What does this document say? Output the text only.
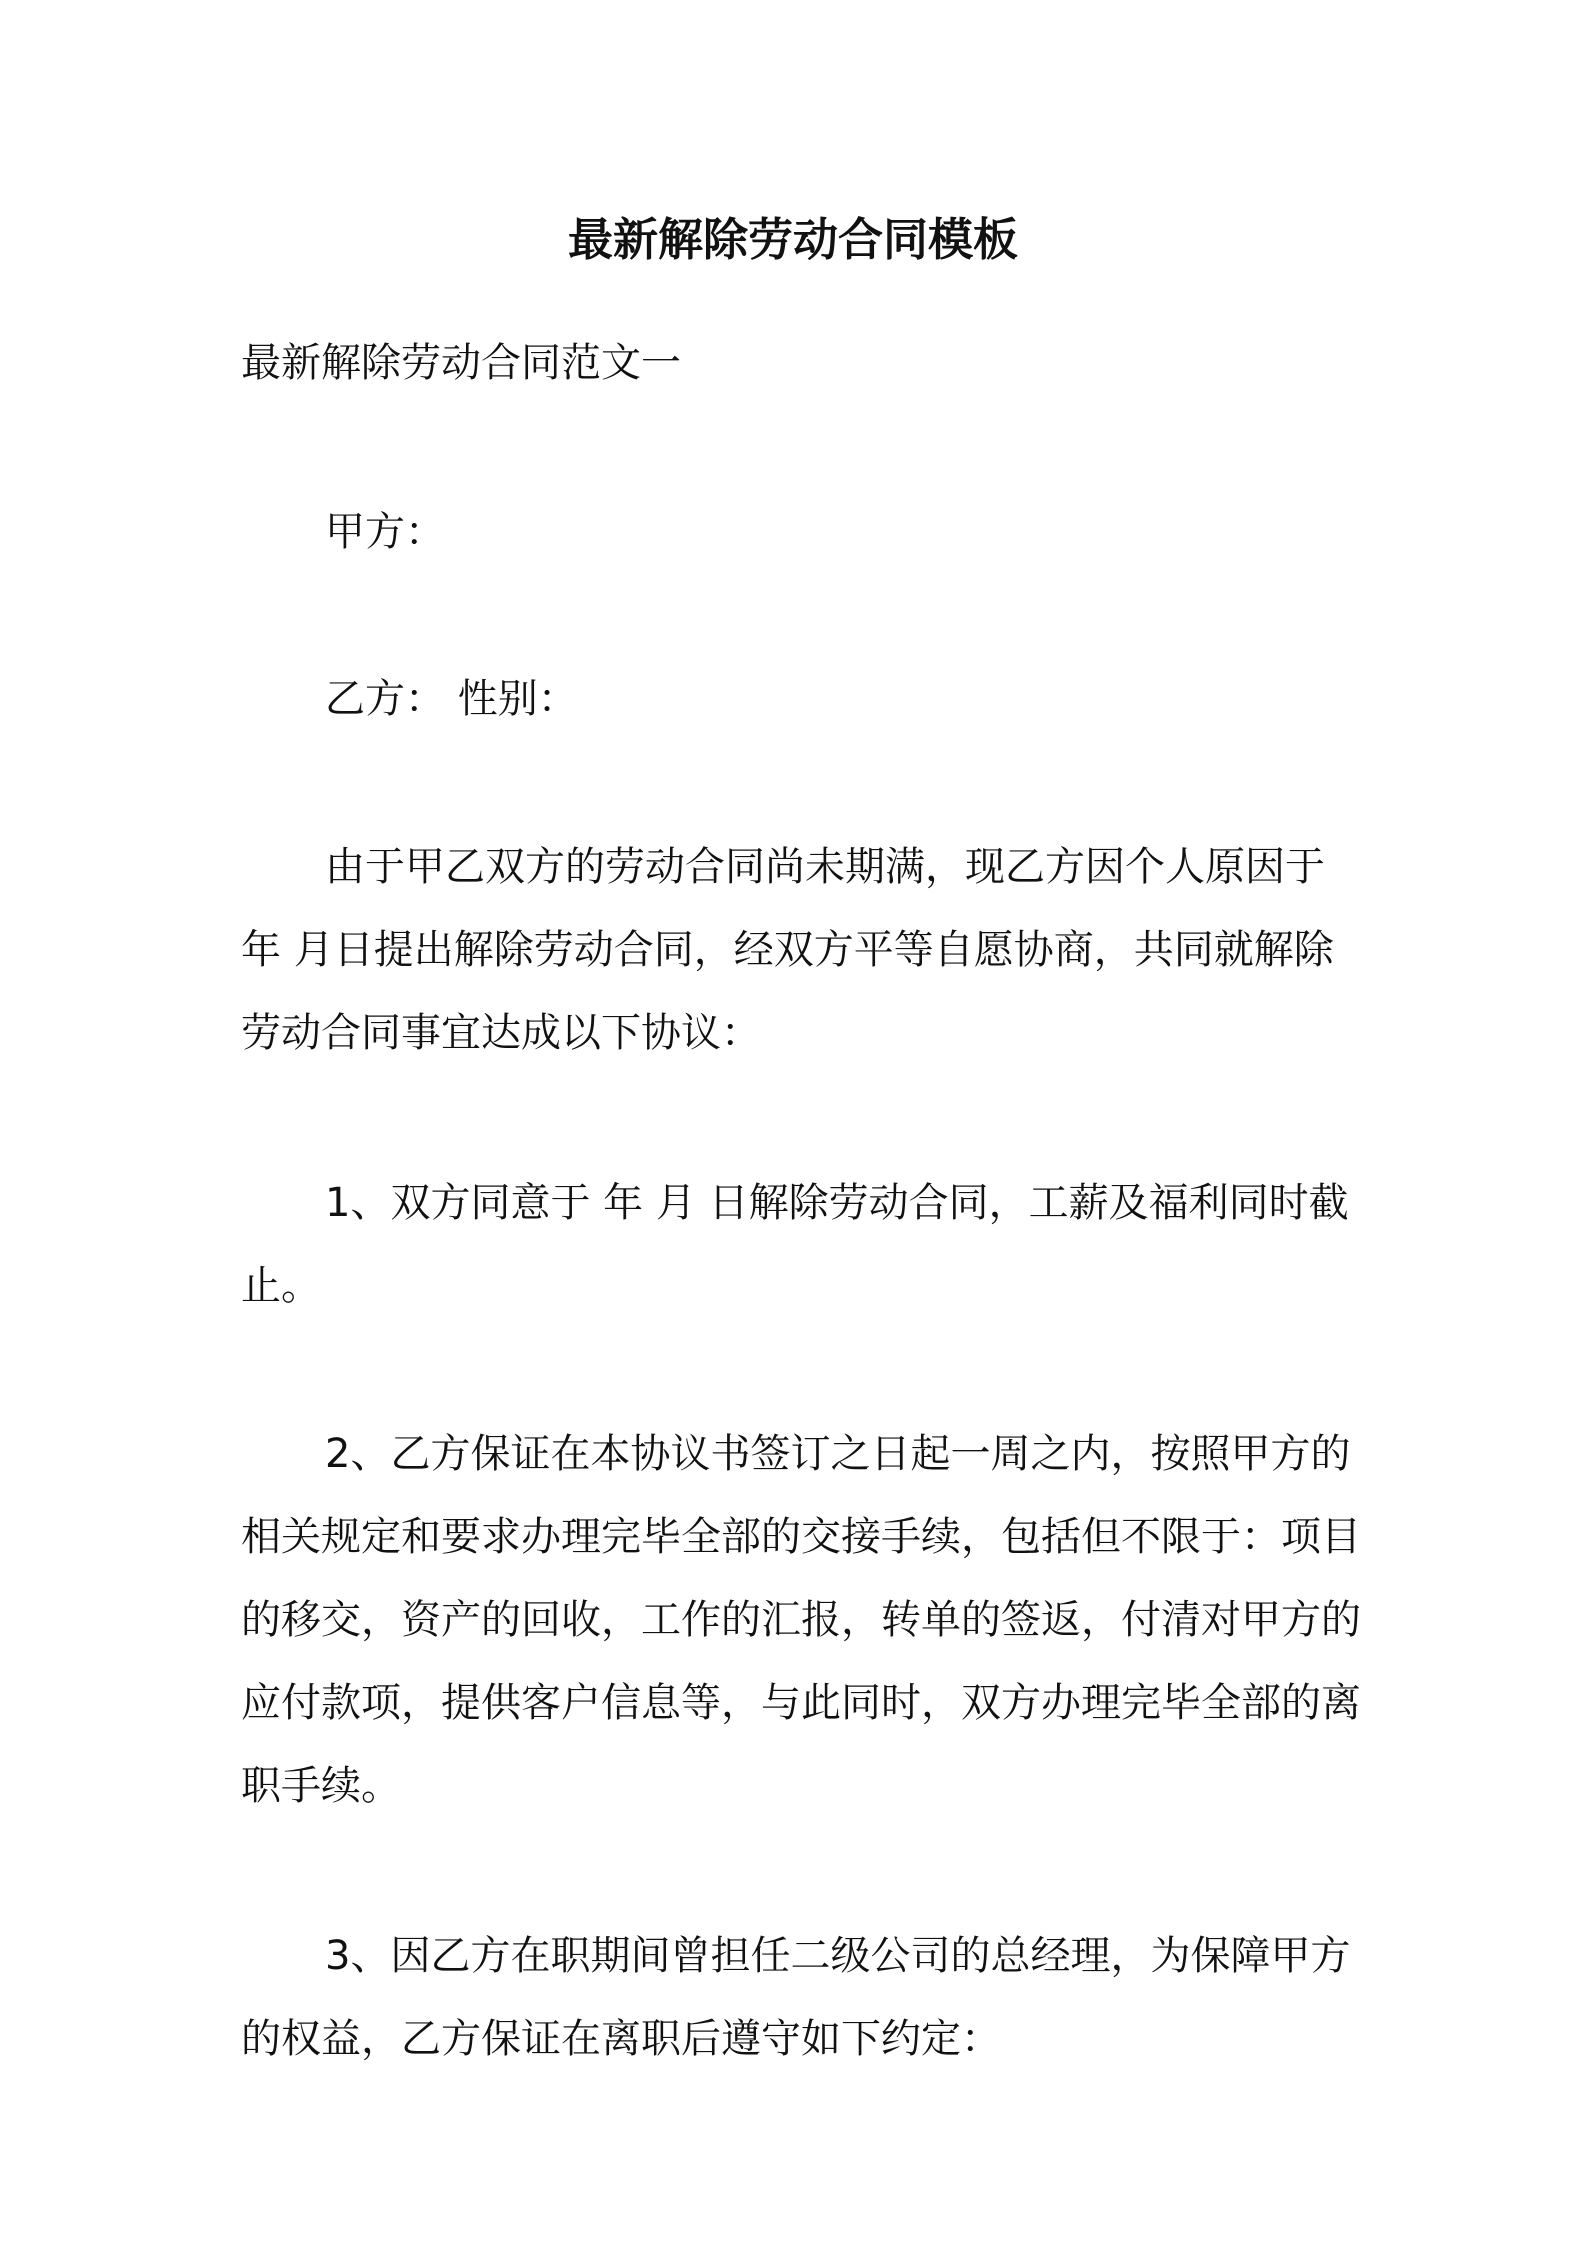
最新解除劳动合同模板

最新解除劳动合同范文一

甲方：

乙方： 性别：

由于甲乙双方的劳动合同尚未期满，现乙方因个人原因于

年 月日提出解除劳动合同，经双方平等自愿协商，共同就解除

劳动合同事宜达成以下协议：

1、双方同意于 年 月 日解除劳动合同，工薪及福利同时截

止。

2、乙方保证在本协议书签订之日起一周之内，按照甲方的

相关规定和要求办理完毕全部的交接手续，包括但不限于：项目

的移交，资产的回收，工作的汇报，转单的签返，付清对甲方的

应付款项，提供客户信息等，与此同时，双方办理完毕全部的离

职手续。

3、因乙方在职期间曾担任二级公司的总经理，为保障甲方

的权益，乙方保证在离职后遵守如下约定：
